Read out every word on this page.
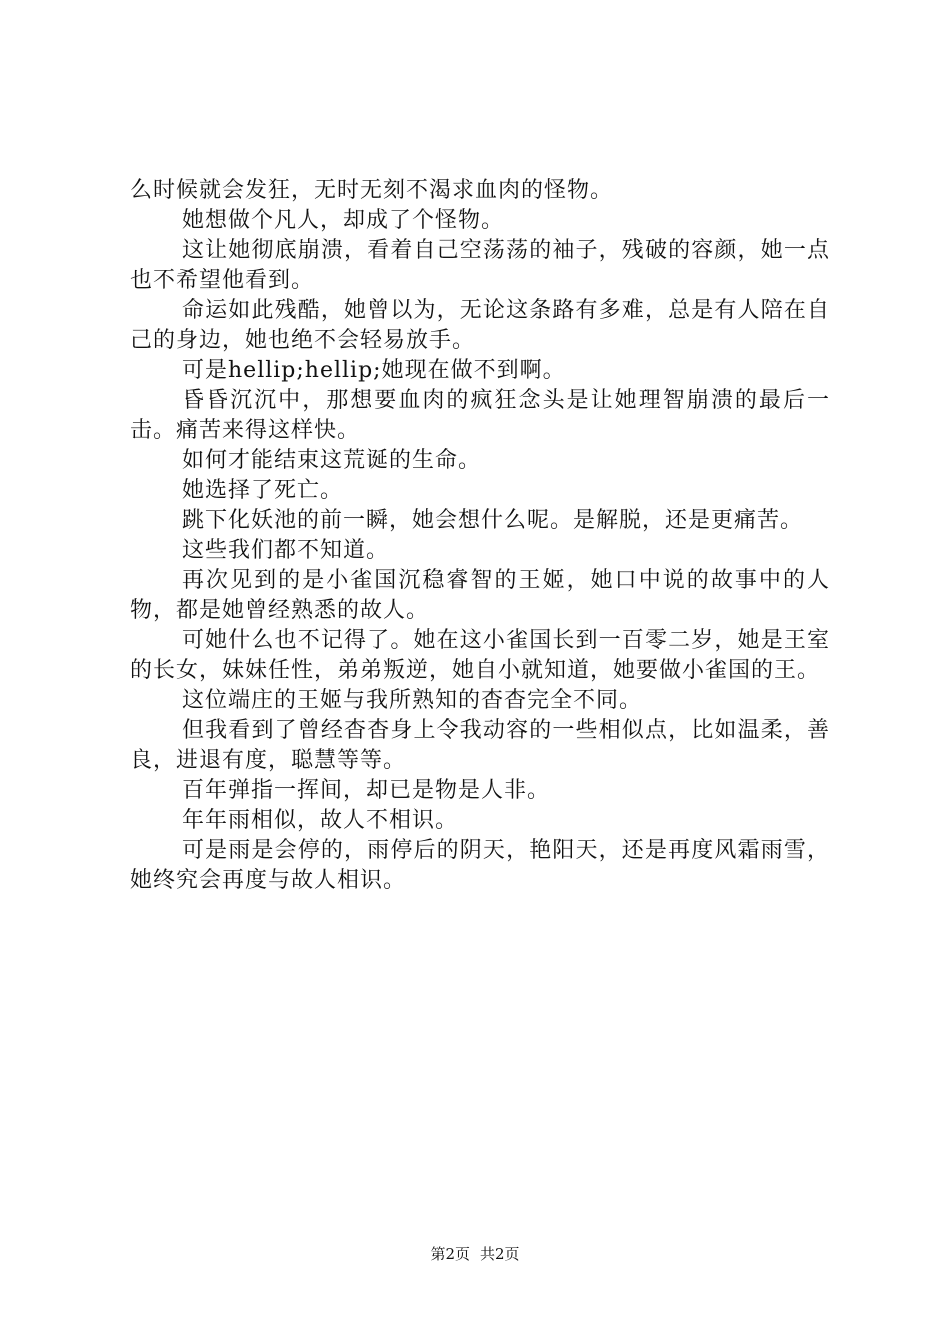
么时候就会发狂，无时无刻不渴求血肉的怪物。

她想做个凡人，却成了个怪物。

这让她彻底崩溃，看着自己空荡荡的袖子，残破的容颜，她一点也不希望他看到。

命运如此残酷，她曾以为，无论这条路有多难，总是有人陪在自己的身边，她也绝不会轻易放手。

可是hellip;hellip;她现在做不到啊。

昏昏沉沉中，那想要血肉的疯狂念头是让她理智崩溃的最后一击。痛苦来得这样快。

如何才能结束这荒诞的生命。

她选择了死亡。

跳下化妖池的前一瞬，她会想什么呢。是解脱，还是更痛苦。

这些我们都不知道。

再次见到的是小雀国沉稳睿智的王姬，她口中说的故事中的人物，都是她曾经熟悉的故人。

可她什么也不记得了。她在这小雀国长到一百零二岁，她是王室的长女，妹妹任性，弟弟叛逆，她自小就知道，她要做小雀国的王。

这位端庄的王姬与我所熟知的杳杳完全不同。

但我看到了曾经杳杳身上令我动容的一些相似点，比如温柔，善良，进退有度，聪慧等等。

百年弹指一挥间，却已是物是人非。

年年雨相似，故人不相识。

可是雨是会停的，雨停后的阴天，艳阳天，还是再度风霜雨雪，她终究会再度与故人相识。

第2页 共2页
